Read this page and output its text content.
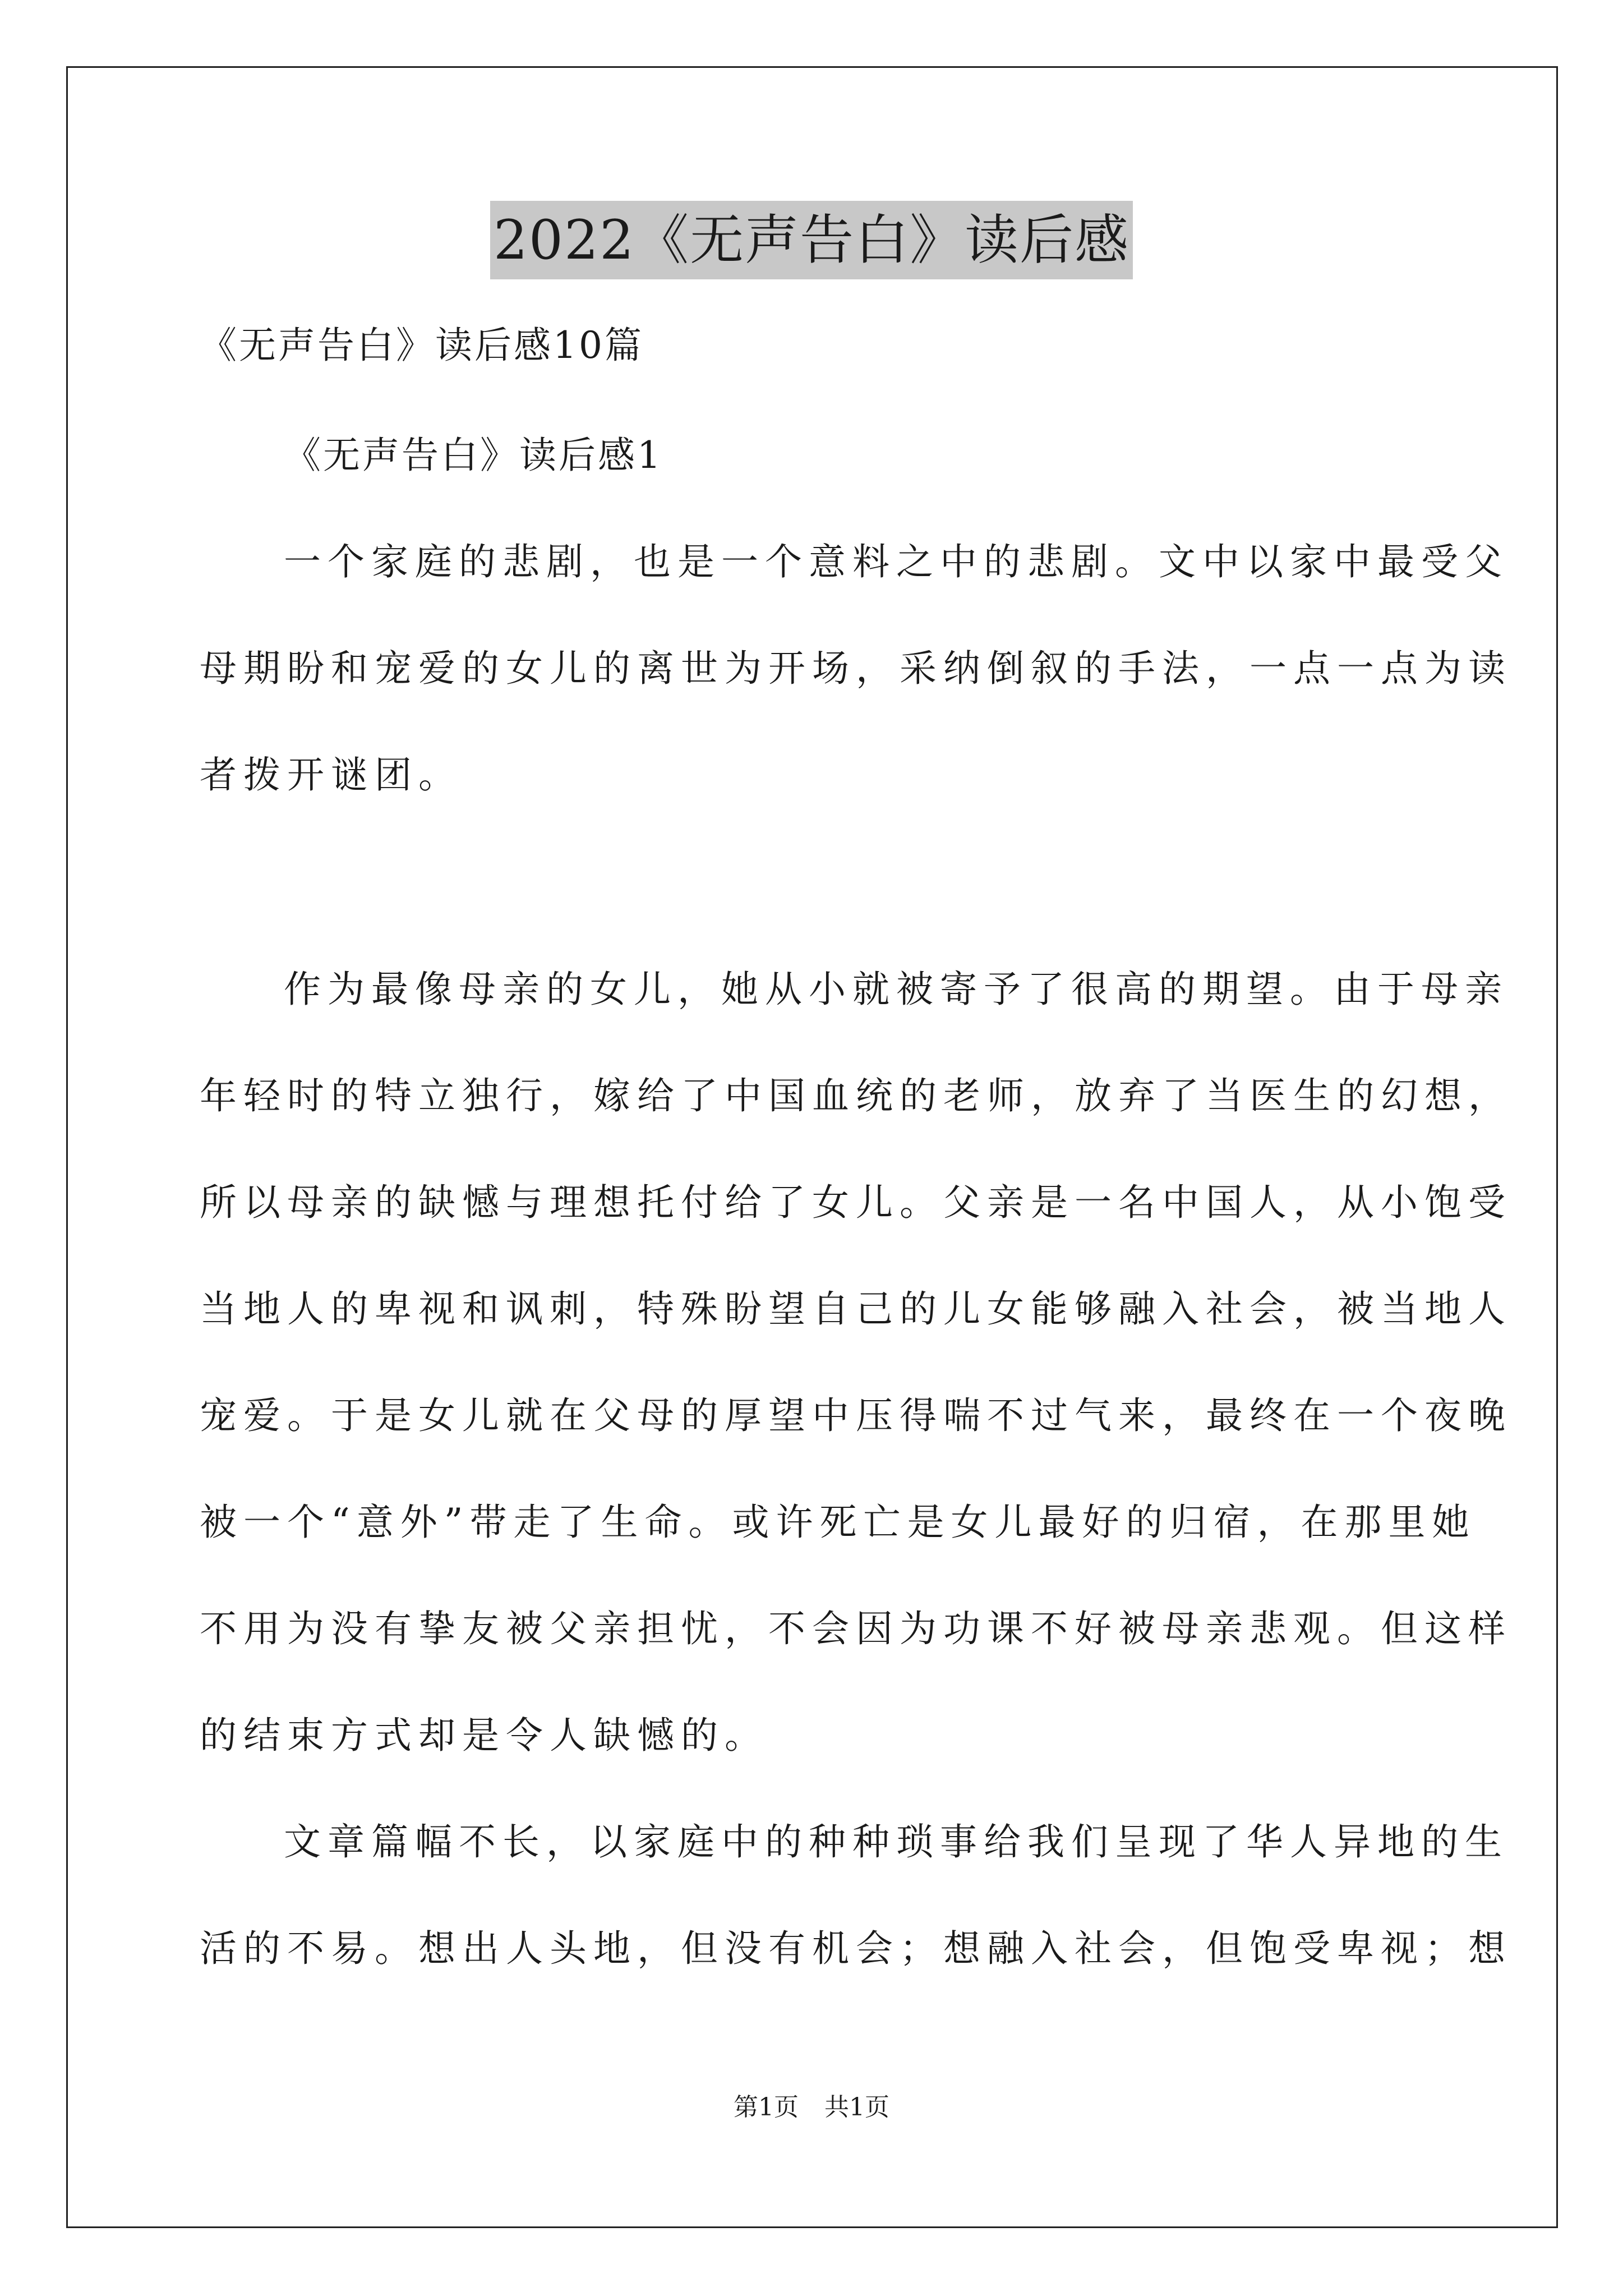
2022《无声告白》读后感
《无声告白》读后感10篇
《无声告白》读后感1
一个家庭的悲剧，也是一个意料之中的悲剧。文中以家中最受父
母期盼和宠爱的女儿的离世为开场，采纳倒叙的手法，一点一点为读
者拨开谜团。
作为最像母亲的女儿，她从小就被寄予了很高的期望。由于母亲
年轻时的特立独行，嫁给了中国血统的老师，放弃了当医生的幻想，
所以母亲的缺憾与理想托付给了女儿。父亲是一名中国人，从小饱受
当地人的卑视和讽刺，特殊盼望自己的儿女能够融入社会，被当地人
宠爱。于是女儿就在父母的厚望中压得喘不过气来，最终在一个夜晚
被一个“意外”带走了生命。或许死亡是女儿最好的归宿，在那里她
不用为没有挚友被父亲担忧，不会因为功课不好被母亲悲观。但这样
的结束方式却是令人缺憾的。
文章篇幅不长，以家庭中的种种琐事给我们呈现了华人异地的生
活的不易。想出人头地，但没有机会；想融入社会，但饱受卑视；想
第1页 共1页
